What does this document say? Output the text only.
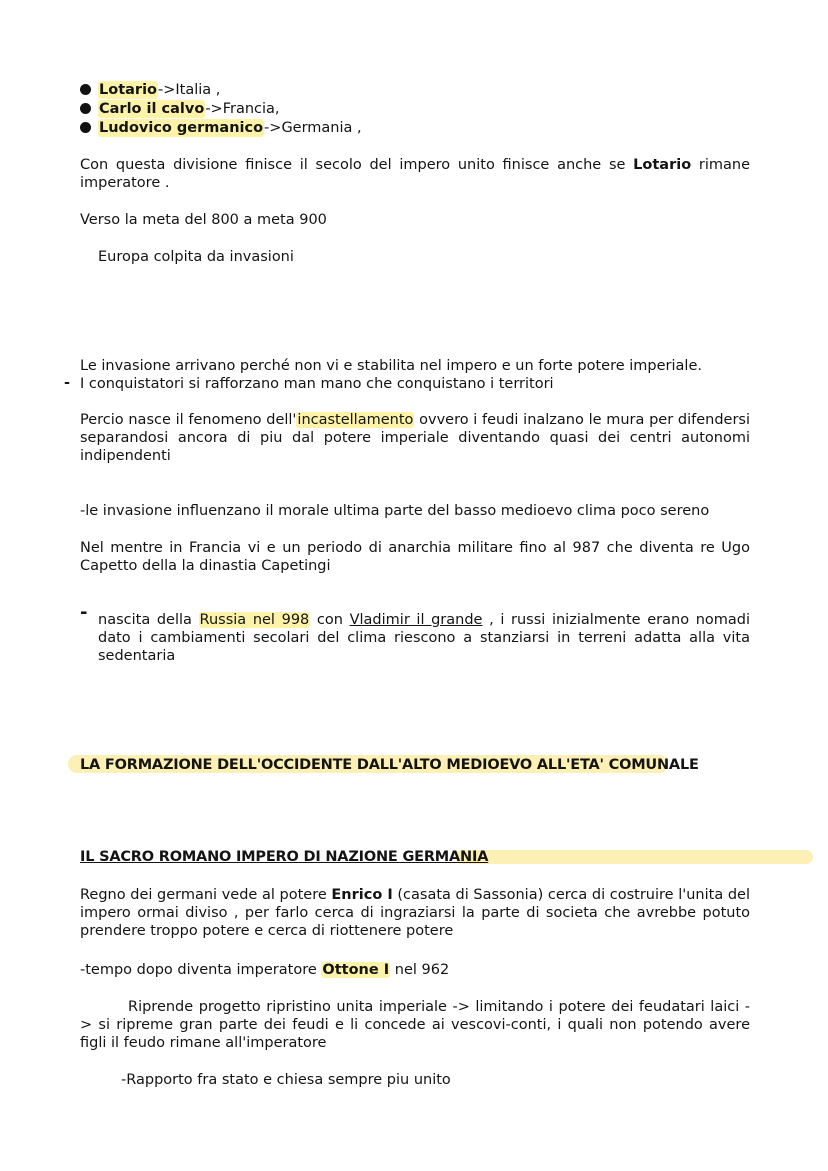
Lotario -> Italia ,
Carlo il calvo -> Francia,
Ludovico germanico -> Germania ,
Con questa divisione finisce il secolo del impero unito finisce anche se Lotario rimane imperatore .
Verso la meta del 800 a meta 900
Europa colpita da invasioni
Le invasione arrivano perché non vi e stabilita nel impero e un forte potere imperiale.
- I conquistatori si rafforzano man mano che conquistano i territori
Percio nasce il fenomeno dell'incastellamento ovvero i feudi inalzano le mura per difendersi separandosi ancora di piu dal potere imperiale diventando quasi dei centri autonomi indipendenti
-le invasione influenzano il morale ultima parte del basso medioevo clima poco sereno
Nel mentre in Francia vi e un periodo di anarchia militare fino al 987 che diventa re Ugo Capetto della la dinastia Capetingi
- nascita della Russia nel 998 con Vladimir il grande , i russi inizialmente erano nomadi dato i cambiamenti secolari del clima riescono a stanziarsi in terreni adatta alla vita sedentaria
LA FORMAZIONE DELL'OCCIDENTE DALL'ALTO MEDIOEVO ALL'ETA' COMUNALE
IL SACRO ROMANO IMPERO DI NAZIONE GERMANIA
Regno dei germani vede al potere Enrico I (casata di Sassonia) cerca di costruire l'unita del impero ormai diviso , per farlo cerca di ingraziarsi la parte di societa che avrebbe potuto prendere troppo potere e cerca di riottenere potere
-tempo dopo diventa imperatore Ottone I nel 962
Riprende progetto ripristino unita imperiale -> limitando i potere dei feudatari laici -> si ripreme gran parte dei feudi e li concede ai vescovi-conti, i quali non potendo avere figli il feudo rimane all'imperatore
-Rapporto fra stato e chiesa sempre piu unito
